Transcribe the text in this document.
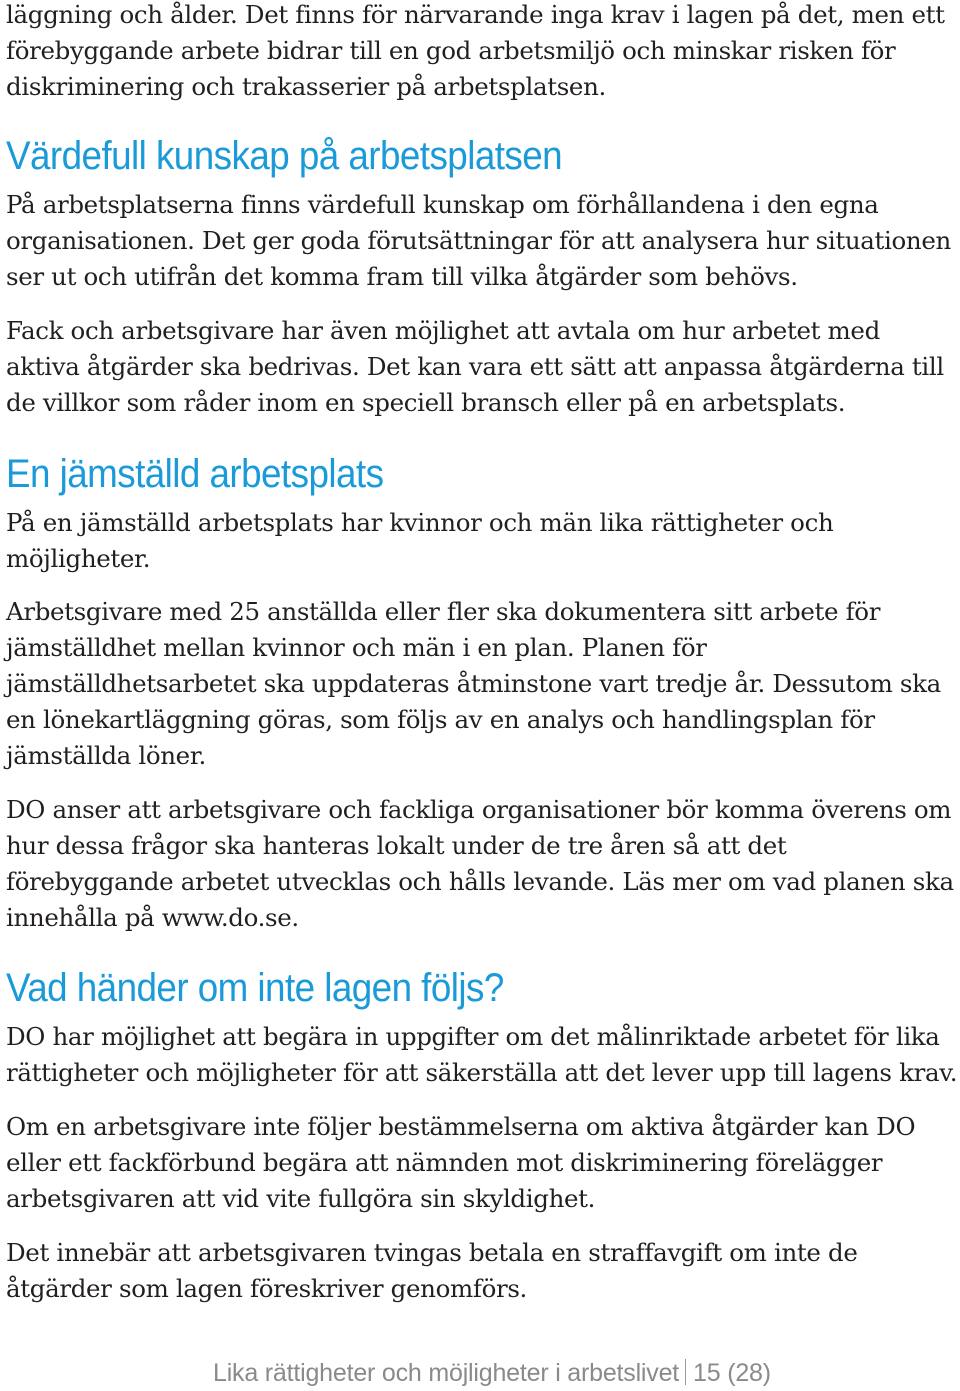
läggning och ålder. Det finns för närvarande inga krav i lagen på det, men ett förebyggande arbete bidrar till en god arbetsmiljö och minskar risken för diskriminering och trakasserier på arbetsplatsen.

Värdefull kunskap på arbetsplatsen

På arbetsplatserna finns värdefull kunskap om förhållandena i den egna organisationen. Det ger goda förutsättningar för att analysera hur situationen ser ut och utifrån det komma fram till vilka åtgärder som behövs.

Fack och arbetsgivare har även möjlighet att avtala om hur arbetet med aktiva åtgärder ska bedrivas. Det kan vara ett sätt att anpassa åtgärderna till de villkor som råder inom en speciell bransch eller på en arbetsplats.

En jämställd arbetsplats

På en jämställd arbetsplats har kvinnor och män lika rättigheter och möjligheter.

Arbetsgivare med 25 anställda eller fler ska dokumentera sitt arbete för jämställdhet mellan kvinnor och män i en plan. Planen för jämställdhetsarbetet ska uppdateras åtminstone vart tredje år. Dessutom ska en lönekartläggning göras, som följs av en analys och handlingsplan för jämställda löner.

DO anser att arbetsgivare och fackliga organisationer bör komma överens om hur dessa frågor ska hanteras lokalt under de tre åren så att det förebyggande arbetet utvecklas och hålls levande. Läs mer om vad planen ska innehålla på www.do.se.

Vad händer om inte lagen följs?

DO har möjlighet att begära in uppgifter om det målinriktade arbetet för lika rättigheter och möjligheter för att säkerställa att det lever upp till lagens krav.

Om en arbetsgivare inte följer bestämmelserna om aktiva åtgärder kan DO eller ett fackförbund begära att nämnden mot diskriminering förelägger arbetsgivaren att vid vite fullgöra sin skyldighet.

Det innebär att arbetsgivaren tvingas betala en straffavgift om inte de åtgärder som lagen föreskriver genomförs.

Lika rättigheter och möjligheter i arbetslivet 15 (28)
